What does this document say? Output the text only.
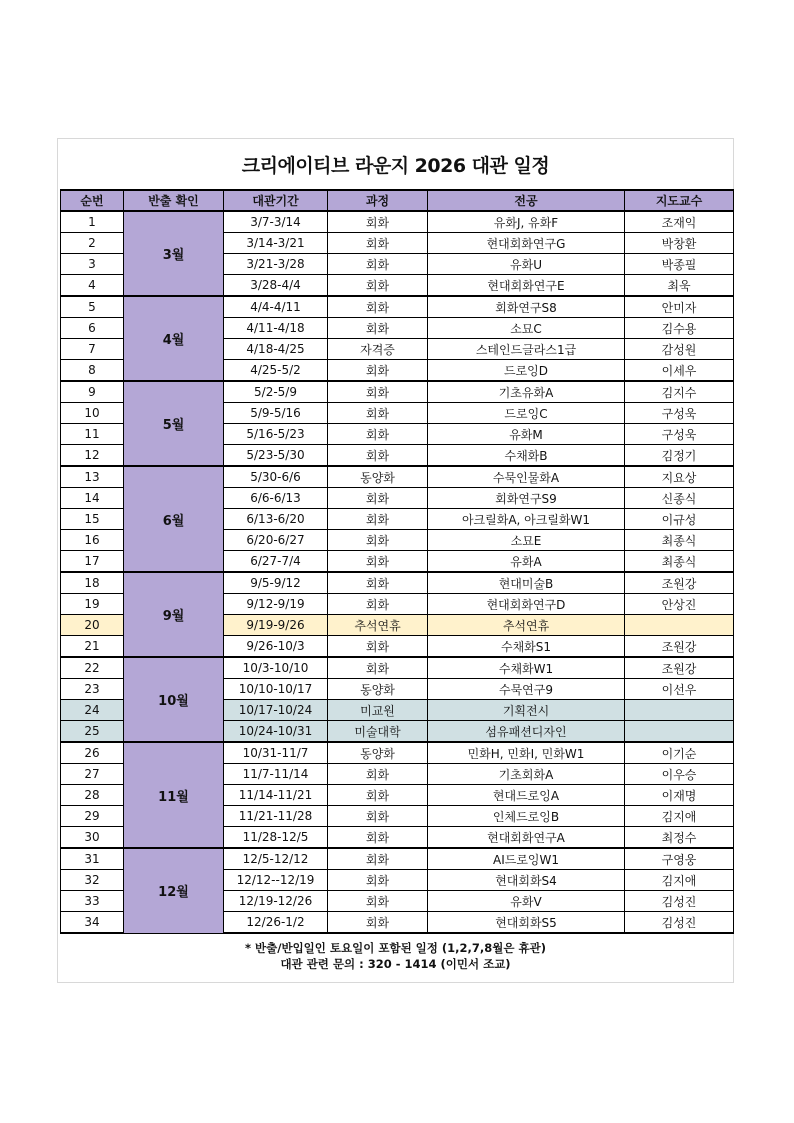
크리에이티브 라운지 2026 대관 일정
순번	반출 확인	대관기간	과정	전공	지도교수
1	3월	3/7-3/14	회화	유화J, 유화F	조재익
2		3/14-3/21	회화	현대회화연구G	박창환
3		3/21-3/28	회화	유화U	박종필
4		3/28-4/4	회화	현대회화연구E	최욱
5	4월	4/4-4/11	회화	회화연구S8	안미자
6		4/11-4/18	회화	소묘C	김수용
7		4/18-4/25	자격증	스테인드글라스1급	감성원
8		4/25-5/2	회화	드로잉D	이세우
9	5월	5/2-5/9	회화	기초유화A	김지수
10		5/9-5/16	회화	드로잉C	구성욱
11		5/16-5/23	회화	유화M	구성욱
12		5/23-5/30	회화	수채화B	김정기
13	6월	5/30-6/6	동양화	수묵인물화A	지요상
14		6/6-6/13	회화	회화연구S9	신종식
15		6/13-6/20	회화	아크릴화A, 아크릴화W1	이규성
16		6/20-6/27	회화	소묘E	최종식
17		6/27-7/4	회화	유화A	최종식
18	9월	9/5-9/12	회화	현대미술B	조원강
19		9/12-9/19	회화	현대회화연구D	안상진
20		9/19-9/26	추석연휴	추석연휴	
21		9/26-10/3	회화	수채화S1	조원강
22	10월	10/3-10/10	회화	수채화W1	조원강
23		10/10-10/17	동양화	수묵연구9	이선우
24		10/17-10/24	미교원	기획전시	
25		10/24-10/31	미술대학	섬유패션디자인	
26	11월	10/31-11/7	동양화	민화H, 민화I, 민화W1	이기순
27		11/7-11/14	회화	기초회화A	이우승
28		11/14-11/21	회화	현대드로잉A	이재명
29		11/21-11/28	회화	인체드로잉B	김지애
30		11/28-12/5	회화	현대회화연구A	최정수
31	12월	12/5-12/12	회화	AI드로잉W1	구영웅
32		12/12--12/19	회화	현대회화S4	김지애
33		12/19-12/26	회화	유화V	김성진
34		12/26-1/2	회화	현대회화S5	김성진
* 반출/반입일인 토요일이 포함된 일정 (1,2,7,8월은 휴관)
대관 관련 문의 : 320 - 1414 (이민서 조교)
